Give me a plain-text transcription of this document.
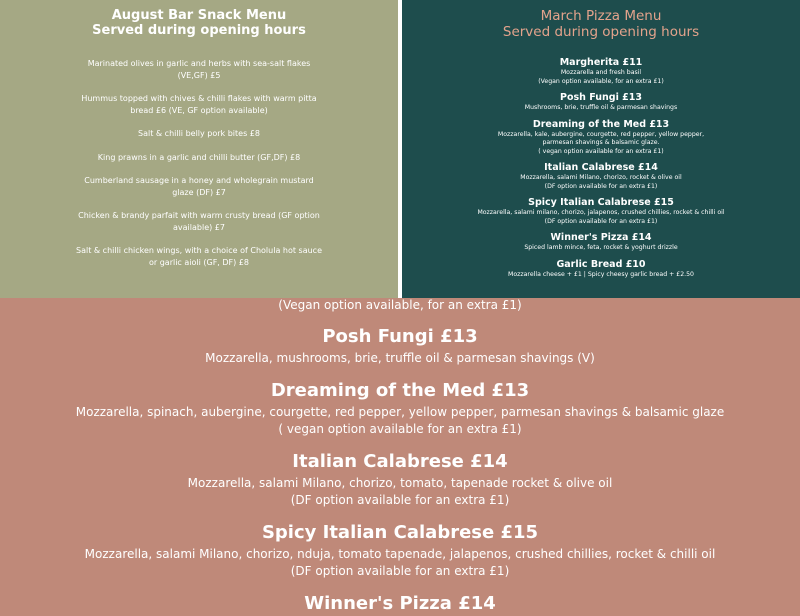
August Bar Snack Menu
Served during opening hours
Marinated olives in garlic and herbs with sea-salt flakes (VE,GF) £5
Hummus topped with chives & chilli flakes with warm pitta bread £6 (VE, GF option available)
Salt & chilli belly pork bites £8
King prawns in a garlic and chilli butter (GF,DF) £8
Cumberland sausage in a honey and wholegrain mustard glaze (DF) £7
Chicken & brandy parfait with warm crusty bread (GF option available) £7
Salt & chilli chicken wings, with a choice of Cholula hot sauce or garlic aioli (GF, DF) £8
March Pizza Menu
Served during opening hours
Margherita £11
Mozzarella and fresh basil
(Vegan option available, for an extra £1)
Posh Fungi £13
Mushrooms, brie, truffle oil & parmesan shavings
Dreaming of the Med £13
Mozzarella, kale, aubergine, courgette, red pepper, yellow pepper,
parmesan shavings & balsamic glaze.
( vegan option available for an extra £1)
Italian Calabrese £14
Mozzarella, salami Milano, chorizo, rocket & olive oil
(DF option available for an extra £1)
Spicy Italian Calabrese £15
Mozzarella, salami milano, chorizo, jalapenos, crushed chillies, rocket & chilli oil
(DF option available for an extra £1)
Winner's Pizza £14
Spiced lamb mince, feta, rocket & yoghurt drizzle
Garlic Bread £10
Mozzarella cheese + £1 | Spicy cheesy garlic bread + £2.50
(Vegan option available, for an extra £1)
Posh Fungi £13
Mozzarella, mushrooms, brie, truffle oil & parmesan shavings (V)
Dreaming of the Med £13
Mozzarella, spinach, aubergine, courgette, red pepper, yellow pepper, parmesan shavings & balsamic glaze
( vegan option available for an extra £1)
Italian Calabrese £14
Mozzarella, salami Milano, chorizo, tomato, tapenade rocket & olive oil
(DF option available for an extra £1)
Spicy Italian Calabrese £15
Mozzarella, salami Milano, chorizo, nduja, tomato tapenade, jalapenos, crushed chillies, rocket & chilli oil
(DF option available for an extra £1)
Winner's Pizza £14
